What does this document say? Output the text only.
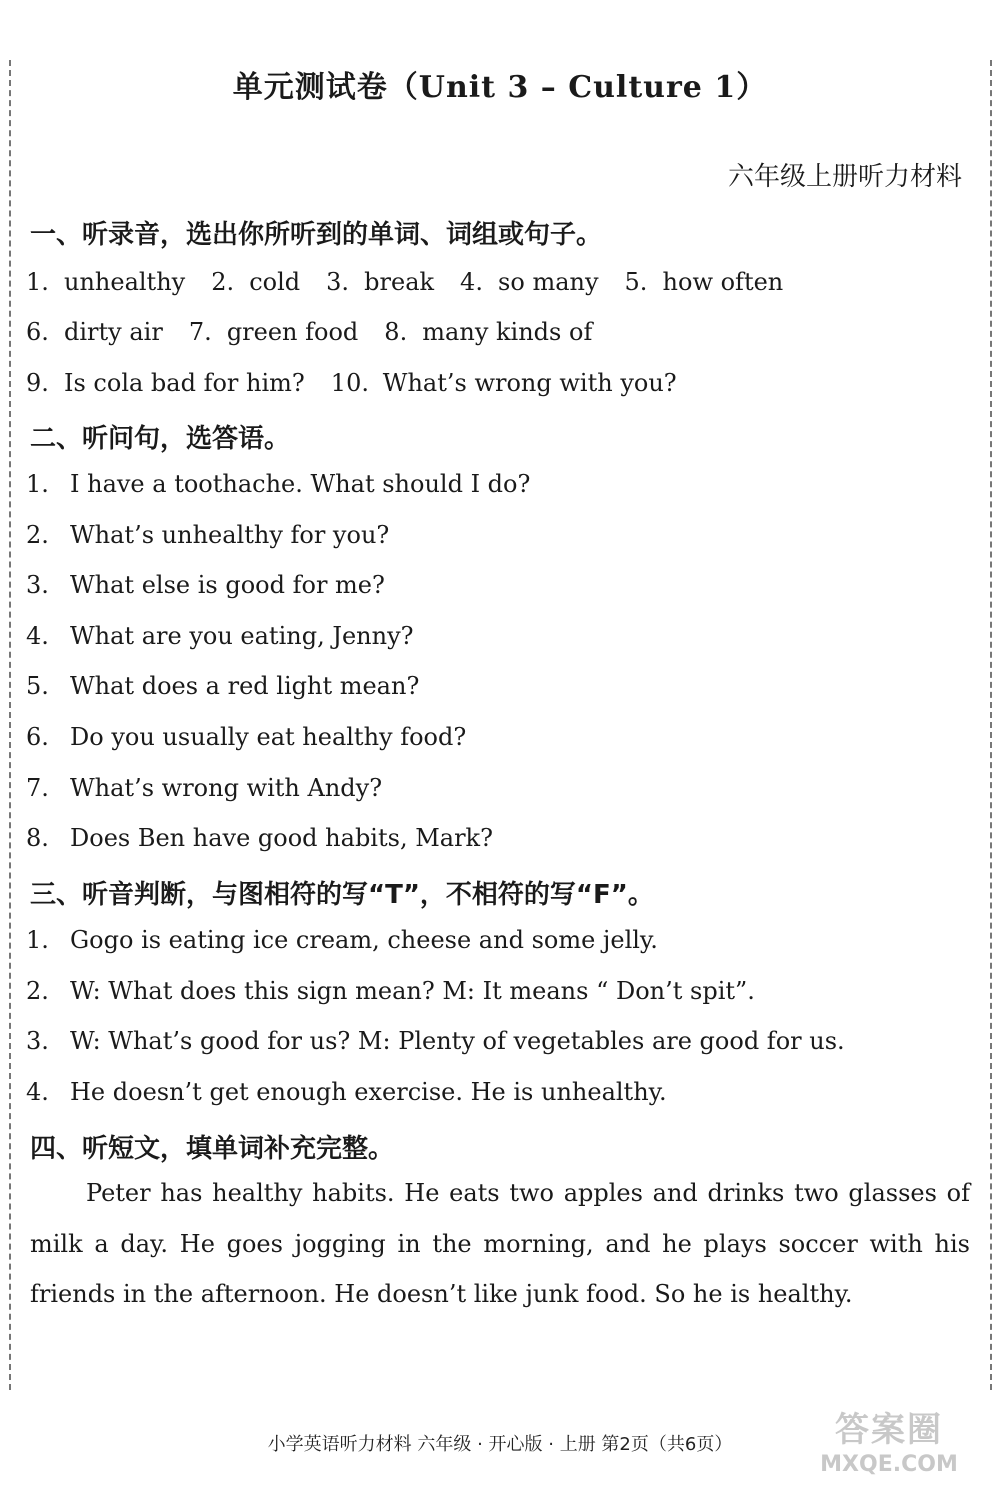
单元测试卷（Unit 3 – Culture 1）
六年级上册听力材料
一、听录音，选出你所听到的单词、词组或句子。
1. unhealthy 2. cold 3. break 4. so many 5. how often
6. dirty air 7. green food 8. many kinds of
9. Is cola bad for him? 10. What’s wrong with you?
二、听问句，选答语。
1. I have a toothache. What should I do?
2. What’s unhealthy for you?
3. What else is good for me?
4. What are you eating, Jenny?
5. What does a red light mean?
6. Do you usually eat healthy food?
7. What’s wrong with Andy?
8. Does Ben have good habits, Mark?
三、听音判断，与图相符的写“T”，不相符的写“F”。
1. Gogo is eating ice cream, cheese and some jelly.
2. W: What does this sign mean? M: It means “ Don’t spit”.
3. W: What’s good for us? M: Plenty of vegetables are good for us.
4. He doesn’t get enough exercise. He is unhealthy.
四、听短文，填单词补充完整。
Peter has healthy habits. He eats two apples and drinks two glasses of milk a day. He goes jogging in the morning, and he plays soccer with his friends in the afternoon. He doesn’t like junk food. So he is healthy.
小学英语听力材料 六年级 · 开心版 · 上册 第2页（共6页）	答案圈
MXQE.COM
